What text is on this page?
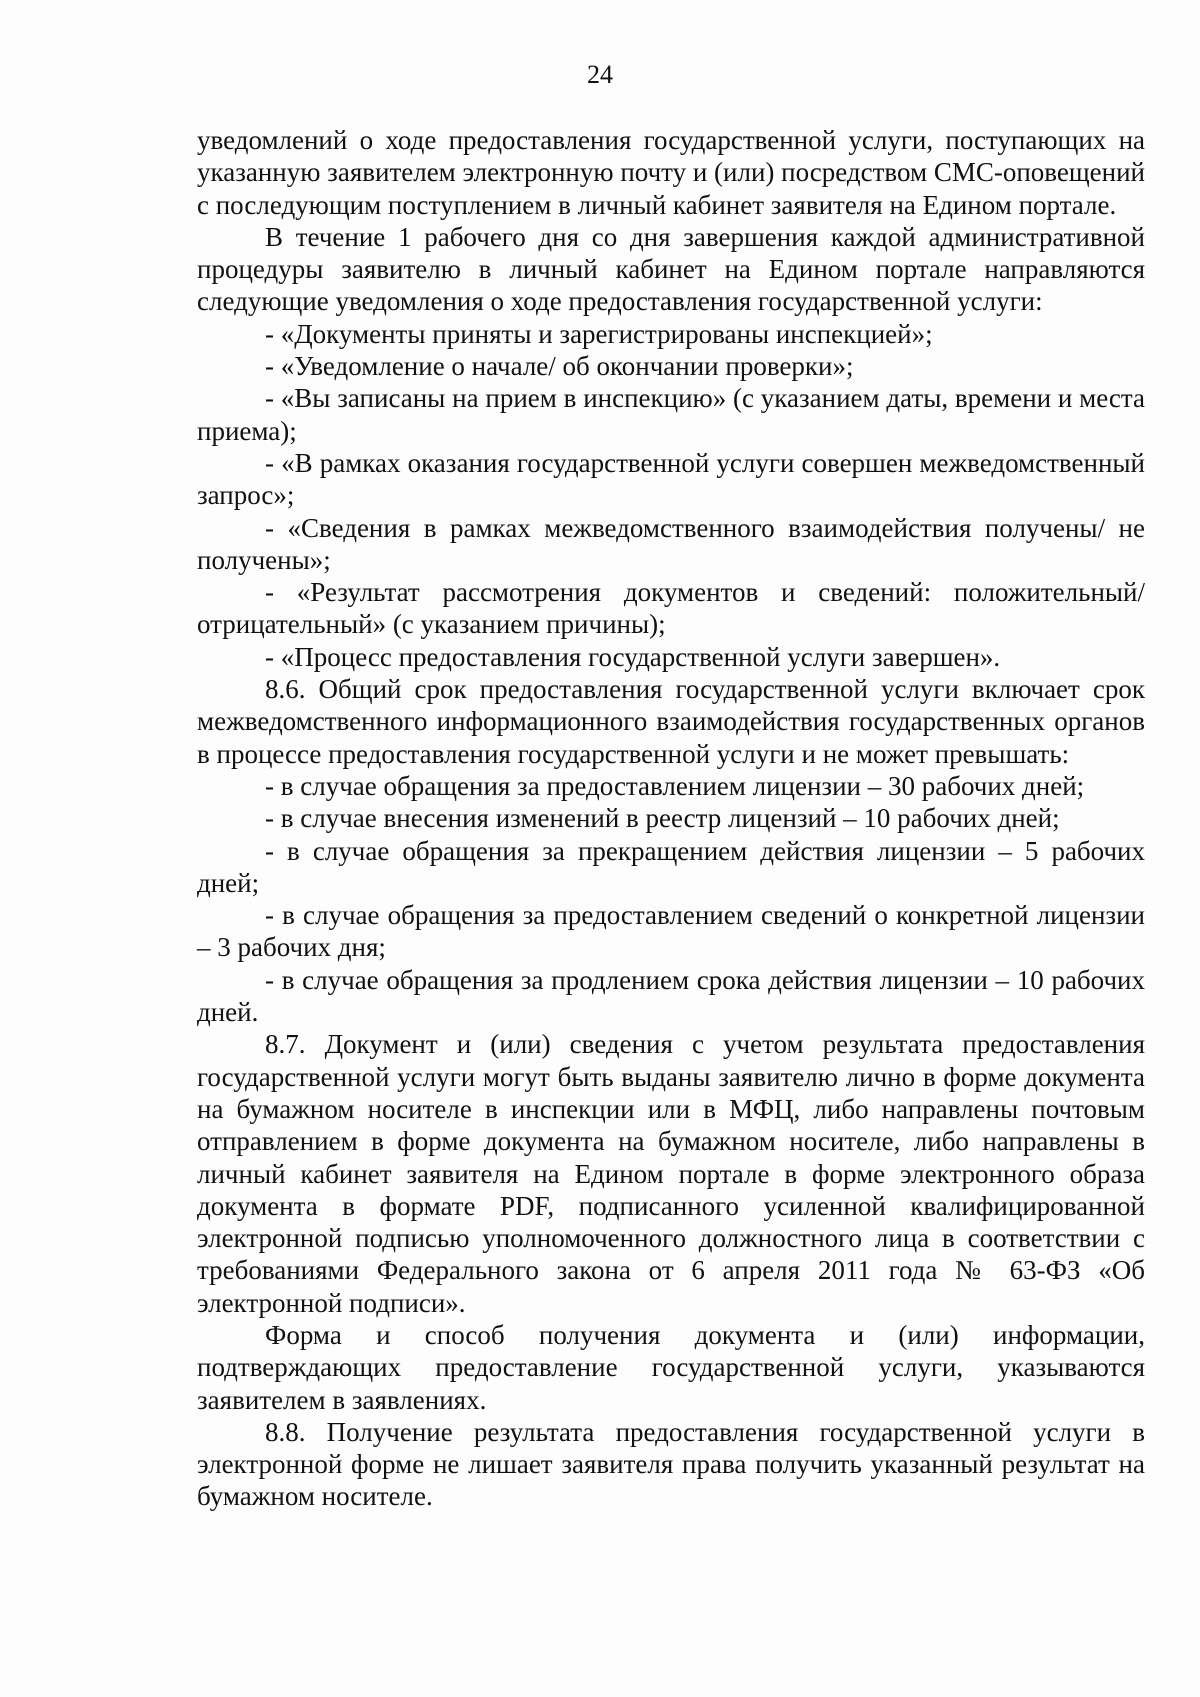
24

уведомлений о ходе предоставления государственной услуги, поступающих на указанную заявителем электронную почту и (или) посредством СМС-оповещений с последующим поступлением в личный кабинет заявителя на Едином портале.

В течение 1 рабочего дня со дня завершения каждой административной процедуры заявителю в личный кабинет на Едином портале направляются следующие уведомления о ходе предоставления государственной услуги:

- «Документы приняты и зарегистрированы инспекцией»;

- «Уведомление о начале/ об окончании проверки»;

- «Вы записаны на прием в инспекцию» (с указанием даты, времени и места приема);

- «В рамках оказания государственной услуги совершен межведомственный запрос»;

- «Сведения в рамках межведомственного взаимодействия получены/ не получены»;

- «Результат рассмотрения документов и сведений: положительный/отрицательный» (с указанием причины);

- «Процесс предоставления государственной услуги завершен».

8.6. Общий срок предоставления государственной услуги включает срок межведомственного информационного взаимодействия государственных органов в процессе предоставления государственной услуги и не может превышать:

- в случае обращения за предоставлением лицензии – 30 рабочих дней;

- в случае внесения изменений в реестр лицензий – 10 рабочих дней;

- в случае обращения за прекращением действия лицензии – 5 рабочих дней;

- в случае обращения за предоставлением сведений о конкретной лицензии – 3 рабочих дня;

- в случае обращения за продлением срока действия лицензии – 10 рабочих дней.

8.7. Документ и (или) сведения с учетом результата предоставления государственной услуги могут быть выданы заявителю лично в форме документа на бумажном носителе в инспекции или в МФЦ, либо направлены почтовым отправлением в форме документа на бумажном носителе, либо направлены в личный кабинет заявителя на Едином портале в форме электронного образа документа в формате PDF, подписанного усиленной квалифицированной электронной подписью уполномоченного должностного лица в соответствии с требованиями Федерального закона от 6 апреля 2011 года № 63-ФЗ «Об электронной подписи».

Форма и способ получения документа и (или) информации, подтверждающих предоставление государственной услуги, указываются заявителем в заявлениях.

8.8. Получение результата предоставления государственной услуги в электронной форме не лишает заявителя права получить указанный результат на бумажном носителе.
